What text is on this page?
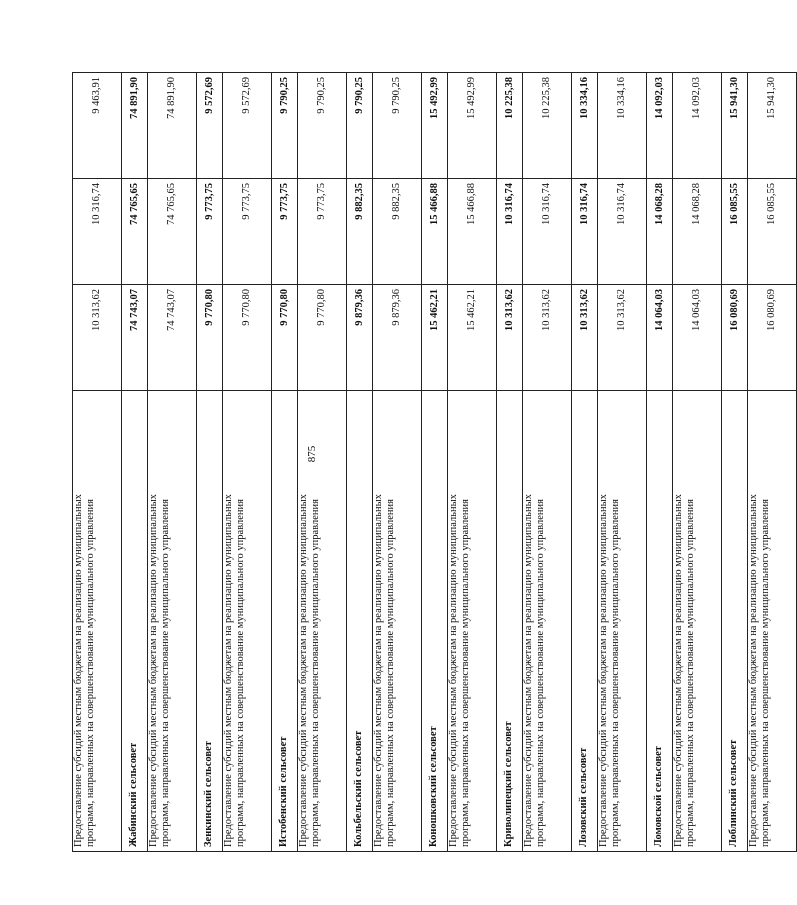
875
Предоставление субсидий местным бюджетам на реализацию муниципальных программ, направленных на совершенствование муниципального управления	10 313,62	10 316,74	9 463,91

Жабинский сельсовет	74 743,07	74 765,65	74 891,90

Предоставление субсидий местным бюджетам на реализацию муниципальных программ, направленных на совершенствование муниципального управления	74 743,07	74 765,65	74 891,90

Зенкинский сельсовет	9 770,80	9 773,75	9 572,69

Предоставление субсидий местным бюджетам на реализацию муниципальных программ, направленных на совершенствование муниципального управления	9 770,80	9 773,75	9 572,69

Истобенский сельсовет	9 770,80	9 773,75	9 790,25

Предоставление субсидий местным бюджетам на реализацию муниципальных программ, направленных на совершенствование муниципального управления	9 770,80	9 773,75	9 790,25

Кольбельский сельсовет	9 879,36	9 882,35	9 790,25

Предоставление субсидий местным бюджетам на реализацию муниципальных программ, направленных на совершенствование муниципального управления	9 879,36	9 882,35	9 790,25

Коношковский сельсовет	15 462,21	15 466,88	15 492,99

Предоставление субсидий местным бюджетам на реализацию муниципальных программ, направленных на совершенствование муниципального управления	15 462,21	15 466,88	15 492,99

Криволипецкий сельсовет	10 313,62	10 316,74	10 225,38

Предоставление субсидий местным бюджетам на реализацию муниципальных программ, направленных на совершенствование муниципального управления	10 313,62	10 316,74	10 225,38

Лозовский сельсовет	10 313,62	10 316,74	10 334,16

Предоставление субсидий местным бюджетам на реализацию муниципальных программ, направленных на совершенствование муниципального управления	10 313,62	10 316,74	10 334,16

Ломовской сельсовет	14 064,03	14 068,28	14 092,03

Предоставление субсидий местным бюджетам на реализацию муниципальных программ, направленных на совершенствование муниципального управления	14 064,03	14 068,28	14 092,03

Лоблинский сельсовет	16 080,69	16 085,55	15 941,30

Предоставление субсидий местным бюджетам на реализацию муниципальных программ, направленных на совершенствование муниципального управления	16 080,69	16 085,55	15 941,30
